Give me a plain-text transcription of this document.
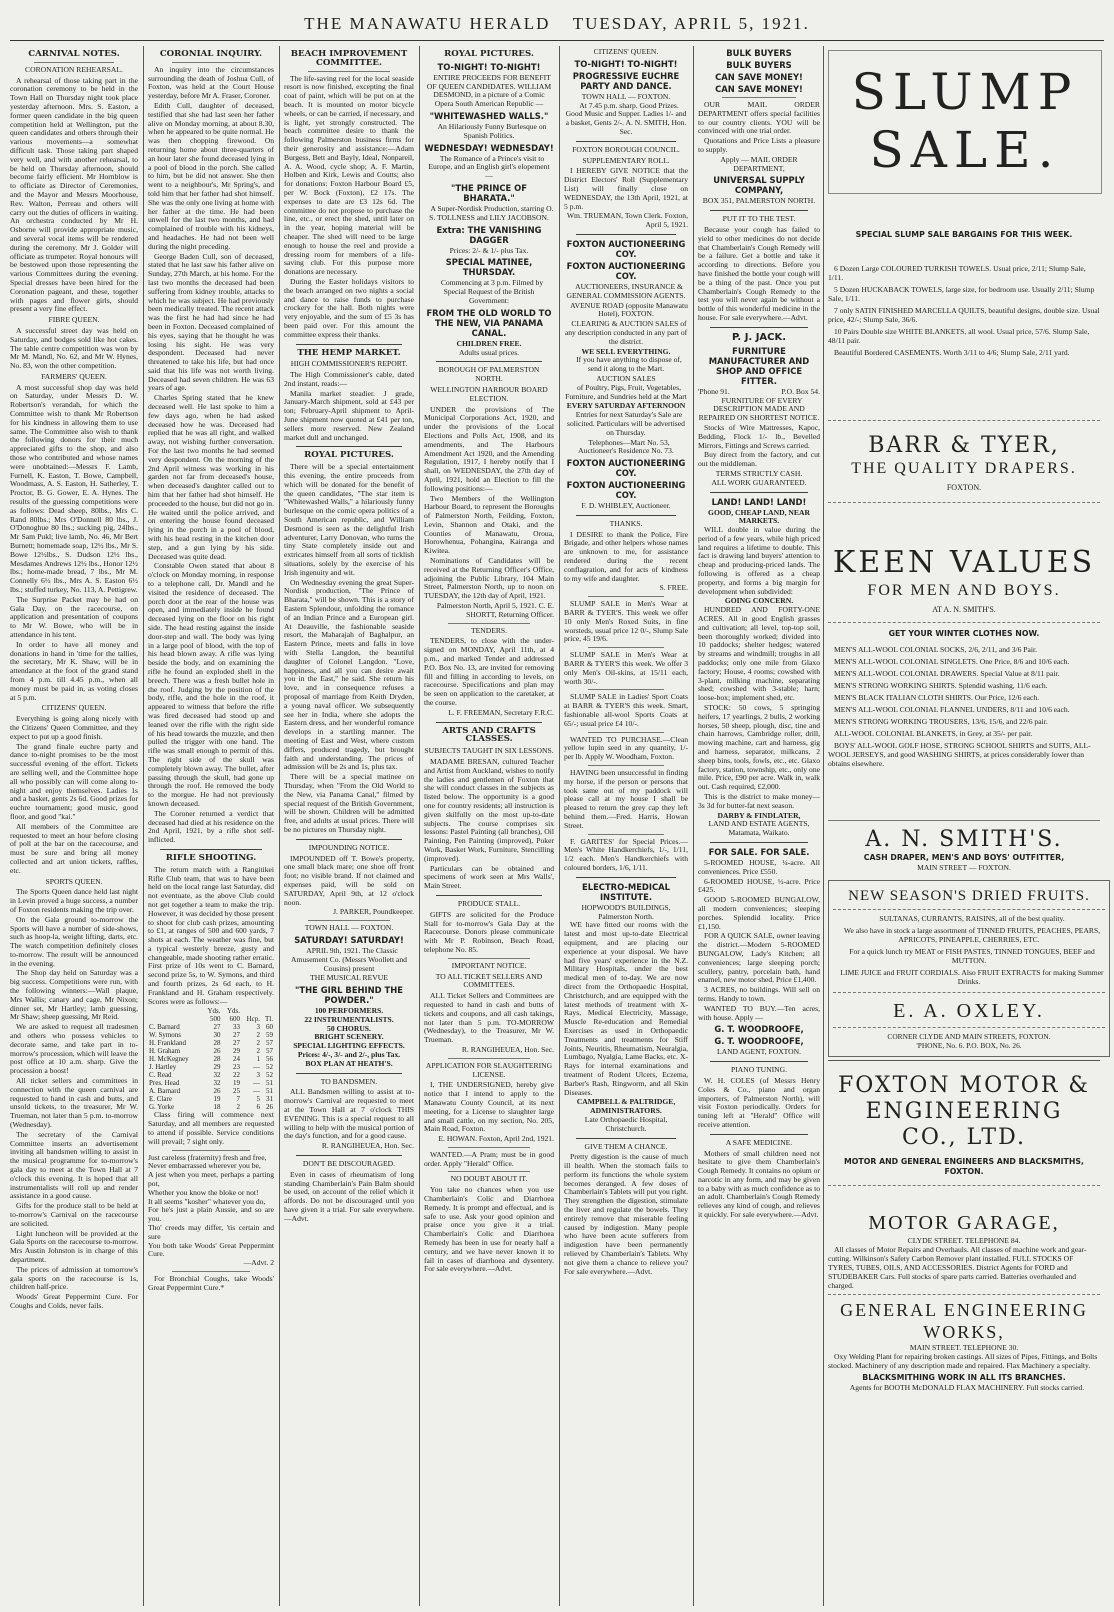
THE MANAWATU HERALD TUESDAY, APRIL 5, 1921.
CARNIVAL NOTES.
CORONATION REHEARSAL.

A rehearsal of those taking part in the coronation ceremony to be held in the Town Hall on Thursday night took place yesterday afternoon. Mrs. S. Easton, a former queen candidate in the big queen competition held at Wellington, put the queen candidates and others through their various movements—a somewhat difficult task. Those taking part shaped very well, and with another rehearsal, to be held on Thursday afternoon, should become fairly efficient. Mr Hornblow is to officiate as Director of Ceremonies, and the Mayor and Messrs Moorhouse, Rev. Walton, Perreau and others will carry out the duties of officers in waiting. An orchestra conducted by Mr H. Osborne will provide appropriate music, and several vocal items will be rendered during the ceremony. Mr J. Golder will officiate as trumpeter. Royal honours will be bestowed upon those representing the various Committees during the evening. Special dresses have been hired for the Coronation pageant, and these, together with pages and flower girls, should present a very fine effect.

FIBRE QUEEN.

A successful street day was held on Saturday, and bodges sold like hot cakes. The table centre competition was won by Mr M. Mandl, No. 62, and Mr W. Hynes, No. 83, won the other competition.

FARMERS' QUEEN.

A most successful shop day was held on Saturday, under Messrs D. W. Robertson's verandah, for which the Committee wish to thank Mr Robertson for his kindness in allowing them to use same. The Committee also wish to thank the following donors for their much appreciated gifts to the shop, and also those who contributed and whose names were unobtained:—Messrs F. Lamb, Furnell, K. Easton, T. Bowe, Campbell, Woodmass, A. S. Easton, H. Satherley, T. Proctor, B. G. Gower, E. A. Hynes. The results of the guessing competitions were as follows: Dead sheep, 80lbs., Mrs C. Rand 80lbs.; Mrs O'Donnell 80 lbs., J. O'Donoghue 80 lbs.; sucking pig, 24lbs., Mr Sam Pukl; live lamb, No. 46, Mr Bert Burnett; homemade soap, 12½ lbs., Mr S. Bowe 12½lbs., S. Dudson 12½ lbs., Mesdames Andrews 12½ lbs., Honor 12½ lbs.; home-made bread, 7 lbs., Mr M. Connelly 6½ lbs., Mrs A. S. Easton 6½ lbs.; stuffed turkey, No. 113, A. Pettigrew.

The Surprise Packet may be had on Gala Day, on the racecourse, on application and presentation of coupons to Mr W. Bowe, who will be in attendance in his tent.

In order to have all money and donations in hand in 'time for the tallies, the secretary, Mr K. Shaw, will be in attendance at the foot of the grand stand from 4 p.m. till 4.45 p.m., when all money must be paid in, as voting closes at 5 p.m.

CITIZENS' QUEEN.

Everything is going along nicely with the Citizens' Queen Committee, and they expect to put up a good finish.

The grand finale euchre party and dance to-night promises to be the most successful evening of the effort. Tickets are selling well, and the Committee hope all who possibly can will come along to-night and enjoy themselves. Ladies 1s and a basket, gents 2s 6d. Good prizes for euchre tournament; good music, good floor, and good "kai."

All members of the Committee are requested to meet an hour before closing of poll at the bar on the racecourse, and must be sure and bring all money collected and art union tickets, raffles, etc.

SPORTS QUEEN.

The Sports Queen dance held last night in Levin proved a huge success, a number of Foxton residents making the trip over.

On the Gala ground to-morrow the Sports will have a number of side-shows, such as hoop-la, weight lifting, darts, etc. The watch competition definitely closes to-morrow. The result will be announced in the evening.

The Shop day held on Saturday was a big success. Competitions were run, with the following winners:—Wall plaque, Mrs Wallis; canary and cage, Mr Nixon; dinner set, Mr Hartley; lamb guessing, Mr Shaw; sheep guessing, Mr Reid.

We are asked to request all tradesmen and others who possess vehicles to decorate same, and take part in to-morrow's procession, which will leave the post office at 10 a.m. sharp. Give the procession a boost!

All ticket sellers and committees in connection with the queen carnival are requested to hand in cash and butts, and unsold tickets, to the treasurer, Mr W. Trueman, not later than 5 p.m. to-morrow (Wednesday).

The secretary of the Carnival Committee inserts an advertisement inviting all bandsmen willing to assist in the musical programme for to-morrow's gala day to meet at the Town Hall at 7 o'clock this evening. It is hoped that all instrumentalists will roll up and render assistance in a good cause.

Gifts for the produce stall to be held at to-morrow's Carnival on the racecourse are solicited.

Light luncheon will be provided at the Gala Sports on the racecourse to-morrow. Mrs Austin Johnston is in charge of this department.

The prices of admission at tomorrow's gala sports on the racecourse is 1s, children half-price.

Woods' Great Peppermint Cure. For Coughs and Colds, never fails.

CORONIAL INQUIRY.

An inquiry into the circumstances surrounding the death of Joshua Cull, of Foxton, was held at the Court House yesterday, before Mr A. Fraser, Coroner.

Edith Cull, daughter of deceased, testified that she had last seen her father alive on Monday morning, at about 8.30, when he appeared to be quite normal. He was then chopping firewood. On returning home about three-quarters of an hour later she found deceased lying in a pool of blood in the porch. She called to him, but he did not answer. She then went to a neighbour's, Mr Spring's, and told him that her father had shot himself. She was the only one living at home with her father at the time. He had been unwell for the last two months, and had complained of trouble with his kidneys, and headaches. He had not been well during the night preceding.

George Baden Cull, son of deceased, stated that he last saw his father alive on Sunday, 27th March, at his home. For the last two months the deceased had been suffering from kidney trouble, attacks to which he was subject. He had previously been medically treated. The recent attack was the first he had had since he had been in Foxton. Deceased complained of his eyes, saying that he thought he was losing his sight. He was very despondent. Deceased had never threatened to take his life, but had once said that his life was not worth living. Deceased had seven children. He was 63 years of age.

Charles Spring stated that he knew deceased well. He last spoke to him a few days ago, when he had asked deceased how he was. Deceased had replied that he was all right, and walked away, not wishing further conversation. For the last two months he had seemed very despondent. On the morning of the 2nd April witness was working in his garden not far from deceased's house, when deceased's daughter called out to him that her father had shot himself. He proceeded to the house, but did not go in. He waited until the police arrived, and on entering the house found deceased lying in the porch in a pool of blood, with his head resting in the kitchen door step, and a gun lying by his side. Deceased was quite dead.

Constable Owen stated that about 8 o'clock on Monday morning, in response to a telephone call, Dr. Mandl and he visited the residence of deceased. The porch door at the rear of the house was open, and immediately inside he found deceased lying on the floor on his right side. The head resting against the inside door-step and wall. The body was lying in a large pool of blood, with the top of his head blown away. A rifle was lying beside the body, and on examining the rifle he found an exploded shell in the breech. There was a fresh bullet hole in the roof. Judging by the position of the body, rifle, and the hole in the roof, it appeared to witness that before the rifle was fired deceased had stood up and leaned over the rifle with the right side of his head towards the muzzle, and then pulled the trigger with one hand. The rifle was small enough to permit of this. The right side of the skull was completely blown away. The bullet, after passing through the skull, had gone up through the roof. He removed the body to the morgue. He had not previously known deceased.

The Coroner returned a verdict that deceased had died at his residence on the 2nd April, 1921, by a rifle shot self-inflicted.

RIFLE SHOOTING.

The return match with a Rangitikei Rifle Club team, that was to have been held on the local range last Saturday, did not eventuate, as the above Club could not get together a team to make the trip. However, it was decided by those present to shoot for club cash prizes, amounting to £1, at ranges of 500 and 600 yards, 7 shots at each. The weather was fine, but a typical westerly breeze, gusty and changeable, made shooting rather erratic. First prize of 10s went to C. Barnard, second prize 5s, to W. Symons, and third and fourth prizes, 2s 6d each, to H. Frankland and H. Graham respectively. Scores were as follows:—

	Yds.	Yds.		
	500	600	Hcp.	Tl.
C. Barnard	27	33	3	60
W. Symons	30	27	2	59
H. Frankland	28	27	2	57
H. Graham	26	29	2	57
H. McKegney	28	24	1	56
J. Hartley	29	23	—	52
C. Read	32	22	3	52
Pres. Head	32	19	—	51
A. Barnard	26	25	—	51
E. Clare	19	7	5	31
G. Yorke	18	2	6	26

Class firing will commence next Saturday, and all members are requested to attend if possible. Service conditions will prevail; 7 sight only.

Just careless (fraternity) fresh and free,
Never embarrassed wherever you be,
A jest when you meet, perhaps a parting pot,
Whether you know the bloke or not!
It all seems "kosher" whatever you do,
For he's just a plain Aussie, and so are you.
Tho' creeds may differ, 'tis certain and sure
You both take Woods' Great Peppermint Cure.
—Advt. 2

For Bronchial Coughs, take Woods' Great Peppermint Cure.*

BEACH IMPROVEMENT COMMITTEE.

The life-saving reel for the local seaside resort is now finished, excepting the final coat of paint, which will be put on at the beach. It is mounted on motor bicycle wheels, or can be carried, if necessary, and is light, yet strongly constructed. The beach committee desire to thank the following Palmerston business firms for their generosity and assistance:—Adam Burgess, Bett and Bayly, Ideal, Nonpareil, A. A. Wood, cycle shop; A. F. Martin, Holben and Kirk, Lewis and Coutts; also for donations: Foxton Harbour Board £5, per W. Bock (Foxton), £2 17s. The expenses to date are £3 12s 6d. The committee do not propose to purchase the line, etc., or erect the shed, until later on in the year, hoping material will be cheaper. The shed will need to be large enough to house the reel and provide a dressing room for members of a life-saving club. For this purpose more donations are necessary.

During the Easter holidays visitors to the beach arranged on two nights a social and dance to raise funds to purchase crockery for the hall. Both nights were very enjoyable, and the sum of £5 3s has been paid over. For this amount the committee express their thanks.

THE HEMP MARKET.
HIGH COMMISSIONER'S REPORT.

The High Commissioner's cable, dated 2nd instant, reads:—

Manila market steadier. J grade, January-March shipment, sold at £43 per ton; February-April shipment to April-June shipment now quoted at £41 per ton, sellers more reserved. New Zealand market dull and unchanged.

ROYAL PICTURES.

There will be a special entertainment this evening, the entire proceeds from which will be donated for the benefit of the queen candidates, "The star item is "Whitewashed Walls," a hilariously funny burlesque on the comic opera politics of a South American republic, and William Desmond is seen as the delightful Irish adventurer, Larry Donovan, who turns the tiny State completely inside out and extricates himself from all sorts of ticklish situations, solely by the exercise of his Irish ingenuity and wit.

On Wednesday evening the great Super-Nordisk production, "The Prince of Bharata," will be shown. This is a story of Eastern Splendour, unfolding the romance of an Indian Prince and a European girl. At Deauville, the fashionable seaside resort, the Maharajah of Baghalpur, an Eastern Prince, meets and falls in love with Stella Langdon, the beautiful daughter of Colonel Langdon. "Love, happiness, and all you can desire await you in the East," he said. She return his love, and in consequence refuses a proposal of marriage from Keith Dryden, a young naval officer. We subsequently see her in India, where she adopts the Eastern dress, and her wonderful romance develops in a startling manner. The meeting of East and West, where custom differs, produced tragedy, but brought faith and understanding. The prices of admission will be 2s and 1s, plus tax.

There will be a special matinee on Thursday, when "From the Old World to the New, via Panama Canal," filmed by special request of the British Government, will be shown. Children will be admitted free, and adults at usual prices. There will be no pictures on Thursday night.

IMPOUNDING NOTICE.

IMPOUNDED off T. Bowe's property, one small black mare; one shoe off front foot; no visible brand. If not claimed and expenses paid, will be sold on SATURDAY, April 9th, at 12 o'clock noon.

J. PARKER, Poundkeeper.
TOWN HALL — FOXTON.
SATURDAY! SATURDAY!

APRIL 9th, 1921. The Classic Amusement Co. (Messrs Woollett and Cousins) present

THE MUSICAL REVUE
"THE GIRL BEHIND THE POWDER."
100 PERFORMERS.
22 INSTRUMENTALISTS.
50 CHORUS.
BRIGHT SCENERY.
SPECIAL LIGHTING EFFECTS.
Prices: 4/-, 3/- and 2/-, plus Tax.
BOX PLAN AT HEATH'S.
TO BANDSMEN.

ALL Bandsmen willing to assist at to-morrow's Carnival are requested to meet at the Town Hall at 7 o'clock THIS EVENING. This is a special request to all willing to help with the musical portion of the day's function, and for a good cause.

R. RANGIHEUEA, Hon. Sec.
DON'T BE DISCOURAGED.

Even in cases of rheumatism of long standing Chamberlain's Pain Balm should be used, on account of the relief which it affords. Do not be discouraged until you have given it a trial. For sale everywhere.—Advt.

ROYAL PICTURES.
TO-NIGHT! TO-NIGHT!

ENTIRE PROCEEDS FOR BENEFIT OF QUEEN CANDIDATES. WILLIAM DESMOND, in a picture of a Comic Opera South American Republic —

"WHITEWASHED WALLS."

An Hilariously Funny Burlesque on Spanish Politics.

WEDNESDAY! WEDNESDAY!

The Romance of a Prince's visit to Europe, and an English girl's elopement —

"THE PRINCE OF BHARATA."

A Super-Nordisk Production, starring O. S. TOLLNESS and LILY JACOBSON.

Extra: THE VANISHING DAGGER
Prices: 2/- & 1/- plus Tax.
SPECIAL MATINEE, THURSDAY.

Commencing at 3 p.m. Filmed by Special Request of the British Government:

FROM THE OLD WORLD TO THE NEW, VIA PANAMA CANAL.
CHILDREN FREE.
Adults usual prices.
BOROUGH OF PALMERSTON NORTH.
WELLINGTON HARBOUR BOARD ELECTION.

UNDER the provisions of The Municipal Corporations Act, 1920, and under the provisions of the Local Elections and Polls Act, 1908, and its amendments, and The Harbours Amendment Act 1920, and the Amending Regulation, 1917, I hereby notify that I shall, on WEDNESDAY, the 27th day of April, 1921, hold an Election to fill the following positions:—

Two Members of the Wellington Harbour Board, to represent the Boroughs of Palmerston North, Feilding, Foxton, Levin, Shannon and Otaki, and the Counties of Manawatu, Oroua, Horowhenua, Pohangina, Kairanga and Kiwitea.

Nominations of Candidates will be received at the Returning Officer's Office, adjoining the Public Library, 104 Main Street, Palmerston North, up to noon on TUESDAY, the 12th day of April, 1921.

Palmerston North, April 5, 1921. C. E. SHORTT, Returning Officer.
TENDERS.

TENDERS, to close with the under-signed on MONDAY, April 11th, at 4 p.m., and marked Tender and addressed P.O. Box No. 13, are invited for removing fill and filling in according to levels, on racecourse. Specifications and plan may be seen on application to the caretaker, at the course.

L. F. FREEMAN, Secretary F.R.C.
ARTS AND CRAFTS CLASSES.
SUBJECTS TAUGHT IN SIX LESSONS.

MADAME BRESAN, cultured Teacher and Artist from Auckland, wishes to notify the ladies and gentlemen of Foxton that she will conduct classes in the subjects as listed below. The opportunity is a good one for country residents; all instruction is given skilfully on the most up-to-date subjects. The course comprises six lessons: Pastel Painting (all branches), Oil Painting, Pen Painting (improved), Poker Work, Basket Work, Furniture, Stencilling (improved).

Particulars can be obtained and specimens of work seen at Mrs Walls', Main Street.

PRODUCE STALL.

GIFTS are solicited for the Produce Stall for to-morrow's Gala Day at the Racecourse. Donors please communicate with Mr P. Robinson, Beach Road, telephone No. 85.

IMPORTANT NOTICE.
TO ALL TICKET SELLERS AND COMMITTEES.

ALL Ticket Sellers and Committees are requested to hand in cash and butts of tickets and coupons, and all cash takings, not later than 5 p.m. TO-MORROW (Wednesday), to the Treasurer, Mr W. Trueman.

R. RANGIHEUEA, Hon. Sec.
APPLICATION FOR SLAUGHTERING LICENSE.

I, THE UNDERSIGNED, hereby give notice that I intend to apply to the Manawatu County Council, at its next meeting, for a License to slaughter large and small cattle, on my section, No. 205, Main Road, Foxton.

E. HOWAN. Foxton, April 2nd, 1921.

WANTED.—A Pram; must be in good order. Apply "Herald" Office.

NO DOUBT ABOUT IT.

You take no chances when you use Chamberlain's Colic and Diarrhoea Remedy. It is prompt and effectual, and is safe to use. Ask your good opinion and praise once you give it a trial. Chamberlain's Colic and Diarrhoea Remedy has been in use for nearly half a century, and we have never known it to fail in cases of diarrhoea and dysentery. For sale everywhere.—Advt.

CITIZENS' QUEEN.
TO-NIGHT! TO-NIGHT!
PROGRESSIVE EUCHRE PARTY AND DANCE.
TOWN HALL — FOXTON.

At 7.45 p.m. sharp. Good Prizes. Good Music and Supper. Ladies 1/- and a basket, Gents 2/-. A. N. SMITH, Hon. Sec.

FOXTON BOROUGH COUNCIL.
SUPPLEMENTARY ROLL.

I HEREBY GIVE NOTICE that the District Electors' Roll (Supplementary List) will finally close on WEDNESDAY, the 13th April, 1921, at 5 p.m.

Wm. TRUEMAN, Town Clerk. Foxton, April 5, 1921.
FOXTON AUCTIONEERING COY.
FOXTON AUCTIONEERING COY.

AUCTIONEERS, INSURANCE & GENERAL COMMISSION AGENTS.

AVENUE ROAD (opposite Manawatu Hotel), FOXTON.

CLEARING & AUCTION SALES of any description conducted in any part of the district.

WE SELL EVERYTHING.

If you have anything to dispose of, send it along to the Mart.

AUCTION SALES

of Poultry, Pigs, Fruit, Vegetables, Furniture, and Sundries held at the Mart

EVERY SATURDAY AFTERNOON

Entries for next Saturday's Sale are solicited. Particulars will be advertised on Thursday.

Telephones—Mart No. 53, Auctioneer's Residence No. 73.

FOXTON AUCTIONEERING COY.
FOXTON AUCTIONEERING COY.
F. D. WHIBLEY, Auctioneer.
THANKS.

I DESIRE to thank the Police, Fire Brigade, and other helpers whose names are unknown to me, for assistance rendered during the recent conflagration, and for acts of kindness to my wife and daughter.

S. FREE.

SLUMP SALE in Men's Wear at BARR & TYER'S. This week we offer 10 only Men's Roxed Suits, in fine worsteds, usual price 12 0/-, Slump Sale price, 45 19/6.

SLUMP SALE in Men's Wear at BARR & TYER'S this week. We offer 3 only Men's Oil-skins, at 15/11 each, worth 30/-.

SLUMP SALE in Ladies' Sport Coats at BARR & TYER'S this week. Smart, fashionable all-wool Sports Coats at 65/-; usual price £4 10/-.

WANTED TO PURCHASE.—Clean yellow lupin seed in any quantity, 1/- per lb. Apply W. Woodham, Foxton.

HAVING been unsuccessful in finding my horse, if the person or persons that took same out of my paddock will please call at my house I shall be pleased to return the grey cap they left behind them.—Fred. Harris, Howan Street.

F. GARITES' for Special Prices.—Men's White Handkerchiefs, 1/-, 1/11, 1/2 each. Men's Handkerchiefs with coloured borders, 1/6, 1/11.

ELECTRO-MEDICAL INSTITUTE.
HOPWOOD'S BUILDINGS, Palmerston North.

WE have fitted our rooms with the latest and most up-to-date Electrical equipment, and are placing our experience at your disposal. We have had five years' experience in the N.Z. Military Hospitals, under the best medical men of to-day. We are now direct from the Orthopaedic Hospital, Christchurch, and are equipped with the latest methods of treatment with X-Rays, Medical Electricity, Massage, Muscle Re-education and Remedial Exercises as used in Orthopaedic Treatments and treatments for Stiff Joints, Neuritis, Rheumatism, Neuralgia, Lumbago, Nyalgia, Lame Backs, etc. X-Rays for internal examinations and treatment of Rodent Ulcers, Eczema, Barber's Rash, Ringworm, and all Skin Diseases.

CAMPBELL & PALTRIDGE, ADMINISTRATORS.
Late Orthopaedic Hospital, Christchurch.
GIVE THEM A CHANCE.

Pretty digestion is the cause of much ill health. When the stomach fails to perform its functions the whole system becomes deranged. A few doses of Chamberlain's Tablets will put you right. They strengthen the digestion, stimulate the liver and regulate the bowels. They entirely remove that miserable feeling caused by indigestion. Many people who have been acute sufferers from indigestion have been permanently relieved by Chamberlain's Tablets. Why not give them a chance to relieve you? For sale everywhere.—Advt.

BULK BUYERS
BULK BUYERS
CAN SAVE MONEY!
CAN SAVE MONEY!

OUR MAIL ORDER DEPARTMENT offers special facilities to our country clients. YOU will be convinced with one trial order.

Quotations and Price Lists a pleasure to supply.

Apply — MAIL ORDER DEPARTMENT,
UNIVERSAL SUPPLY COMPANY,
BOX 351, PALMERSTON NORTH.
PUT IT TO THE TEST.

Because your cough has failed to yield to other medicines do not decide that Chamberlain's Cough Remedy will be a failure. Get a bottle and take it according to directions. Before you have finished the bottle your cough will be a thing of the past. Once you put Chamberlain's Cough Remedy to the test you will never again be without a bottle of this wonderful medicine in the house. For sale everywhere.—Advt.

P. J. JACK.
FURNITURE MANUFACTURER AND SHOP AND OFFICE FITTER.
'Phone 91.	P.O. Box 54.

FURNITURE OF EVERY DESCRIPTION MADE AND REPAIRED ON SHORTEST NOTICE.

Stocks of Wire Mattresses, Kapoc, Bedding, Flock 1/- lb., Bevelled Mirrors, Fittings and Screws carried.

Buy direct from the factory, and cut out the middleman.

TERMS STRICTLY CASH.
ALL WORK GUARANTEED.
LAND! LAND! LAND!
GOOD, CHEAP LAND, NEAR MARKETS.

WILL double in value during the period of a few years, while high priced land requires a lifetime to double. This fact is drawing land buyers' attention to cheap and producing-priced lands. The following is offered as a cheap property, and forms a big margin for development when subdivided:

GOING CONCERN.

HUNDRED AND FORTY-ONE ACRES. All in good English grasses and cultivation; all level, top-top soil, been thoroughly worked; divided into 10 paddocks; shelter hedges; watered by streams and windmill; troughs in all paddocks; only one mile from Glaxo factory; House, 4 rooms; cowshed with 3-plant, milking machine, separating shed; cowshed with 3-stable; harn; loose-box; implement shed, etc.

STOCK: 50 cows, 5 springing heifers, 17 yearlings, 2 bulls, 2 working horses, 50 sheep, plough, disc, tine and chain harrows, Cambridge roller, drill, mowing machine, cart and harness, gig and harness, separator, milkcans, 2 sheep bins, tools, fowls, etc., etc. Glaxo factory, station, township, etc., only one mile. Price, £90 per acre. Walk in, walk out. Cash required, £2,000.

This is the district to make money—3s 3d for butter-fat next season.

DARBY & FINDLATER,
LAND AND ESTATE AGENTS, Matamata, Waikato.
FOR SALE. FOR SALE.

5-ROOMED HOUSE, ¼-acre. All conveniences. Price £550.

6-ROOMED HOUSE, ½-acre. Price £425.

GOOD 5-ROOMED BUNGALOW, all modern conveniences; sleeping porches. Splendid locality. Price £1,150.

FOR A QUICK SALE, owner leaving the district.—Modern 5-ROOMED BUNGALOW, Lady's Kitchen; all conveniences; large sleeping porch; scullery, pantry, porcelain bath, hand enamel, new motor shed. Price £1,400.

3 ACRES, no buildings. Will sell on terms. Handy to town.

WANTED TO BUY.—Ten acres, with house. Apply —

G. T. WOODROOFE,
G. T. WOODROOFE,
LAND AGENT, FOXTON.
PIANO TUNING.

W. H. COLES (of Messrs Henry Coles & Co., piano and organ importers, of Palmerston North), will visit Foxton periodically. Orders for tuning left at "Herald" Office will receive attention.

A SAFE MEDICINE.

Mothers of small children need not hesitate to give them Chamberlain's Cough Remedy. It contains no opium or narcotic in any form, and may be given to a baby with as much confidence as to an adult. Chamberlain's Cough Remedy relieves any kind of cough, and relieves it quickly. For sale everywhere.—Advt.

SLUMP
SALE.
SPECIAL SLUMP SALE BARGAINS FOR THIS WEEK.

6 Dozen Large COLOURED TURKISH TOWELS. Usual price, 2/11; Slump Sale, 1/11.

5 Dozen HUCKABACK TOWELS, large size, for bedroom use. Usually 2/11; Slump Sale, 1/11.

7 only SATIN FINISHED MARCELLA QUILTS, beautiful designs, double size. Usual price, 42/-; Slump Sale, 36/6.

10 Pairs Double size WHITE BLANKETS, all wool. Usual price, 57/6. Slump Sale, 48/11 pair.

Beautiful Bordered CASEMENTS. Worth 3/11 to 4/6; Slump Sale, 2/11 yard.

BARR & TYER,
THE QUALITY DRAPERS.
FOXTON.
KEEN VALUES
FOR MEN AND BOYS.
AT A. N. SMITH'S.
GET YOUR WINTER CLOTHES NOW.

MEN'S ALL-WOOL COLONIAL SOCKS, 2/6, 2/11, and 3/6 Pair.

MEN'S ALL-WOOL COLONIAL SINGLETS. One Price, 8/6 and 10/6 each.

MEN'S ALL-WOOL COLONIAL DRAWERS. Special Value at 8/11 pair.

MEN'S STRONG WORKING SHIRTS. Splendid washing, 11/6 each.

MEN'S BLACK ITALIAN CLOTH SHIRTS. Our Price, 12/6 each.

MEN'S ALL-WOOL COLONIAL FLANNEL UNDERS, 8/11 and 10/6 each.

MEN'S STRONG WORKING TROUSERS, 13/6, 15/6, and 22/6 pair.

ALL-WOOL COLONIAL BLANKETS, in Grey, at 35/- per pair.

BOYS' ALL-WOOL GOLF HOSE, STRONG SCHOOL SHIRTS and SUITS, ALL-WOOL JERSEYS, and good WASHING SHIRTS, at prices considerably lower than obtains elsewhere.

A. N. SMITH'S.
CASH DRAPER, MEN'S AND BOYS' OUTFITTER,
MAIN STREET — FOXTON.
NEW SEASON'S DRIED FRUITS.

SULTANAS, CURRANTS, RAISINS, all of the best quality.

We also have in stock a large assortment of TINNED FRUITS, PEACHES, PEARS, APRICOTS, PINEAPPLE, CHERRIES, ETC.

For a quick lunch try MEAT or FISH PASTES, TINNED TONGUES, BEEF and MUTTON.

LIME JUICE and FRUIT CORDIALS. Also FRUIT EXTRACTS for making Summer Drinks.

E. A. OXLEY.
CORNER CLYDE AND MAIN STREETS, FOXTON.
'PHONE, No. 6. P.O. BOX, No. 26.
FOXTON MOTOR &
ENGINEERING
CO., LTD.
MOTOR AND GENERAL ENGINEERS AND BLACKSMITHS, FOXTON.
MOTOR GARAGE,
CLYDE STREET. TELEPHONE 84.

All classes of Motor Repairs and Overhauls. All classes of machine work and gear-cutting. Wilkinson's Safety Carbon Remover plant installed. FULL STOCKS OF TYRES, TUBES, OILS, AND ACCESSORIES. District Agents for FORD and STUDEBAKER Cars. Full stocks of spare parts carried. Batteries overhauled and charged.

GENERAL ENGINEERING
WORKS,
MAIN STREET. TELEPHONE 30.

Oxy Welding Plant for repairing broken castings. All sizes of Pipes, Fittings, and Bolts stocked. Machinery of any description made and repaired. Flax Machinery a specialty.

BLACKSMITHING WORK IN ALL ITS BRANCHES.

Agents for BOOTH McDONALD FLAX MACHINERY. Full stocks carried.
